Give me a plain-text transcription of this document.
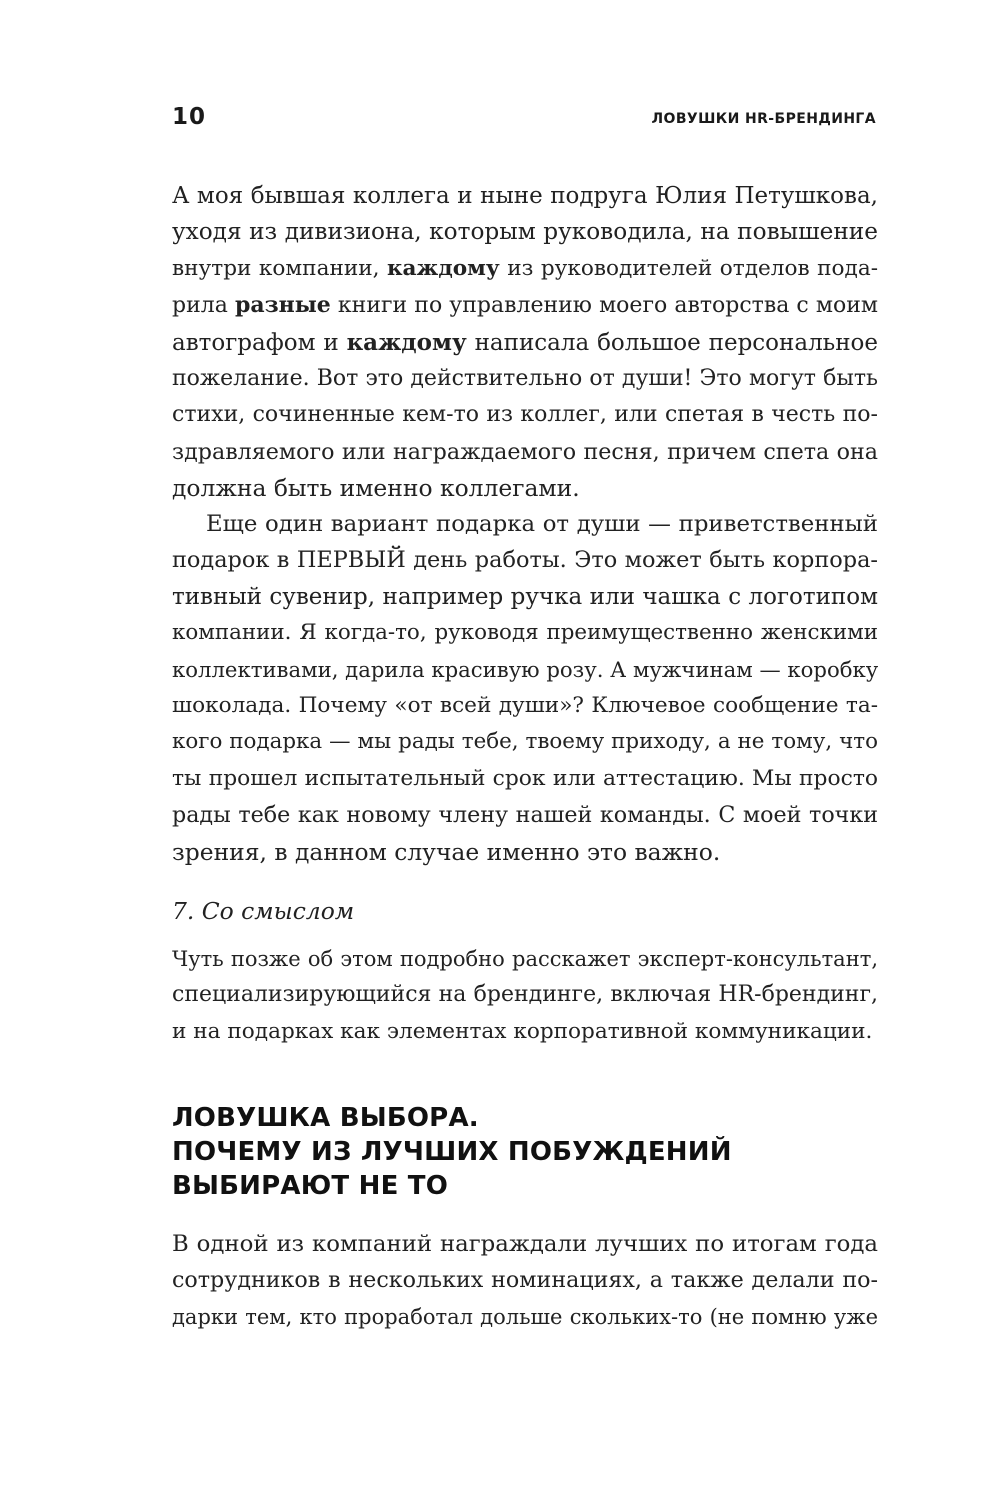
10	ЛОВУШКИ HR-БРЕНДИНГА
А моя бывшая коллега и ныне подруга Юлия Петушкова,
уходя из дивизиона, которым руководила, на повышение
внутри компании, каждому из руководителей отделов пода-
рила разные книги по управлению моего авторства с моим
автографом и каждому написала большое персональное
пожелание. Вот это действительно от души! Это могут быть
стихи, сочиненные кем-то из коллег, или спетая в честь по-
здравляемого или награждаемого песня, причем спета она
должна быть именно коллегами.
Еще один вариант подарка от души — приветственный
подарок в ПЕРВЫЙ день работы. Это может быть корпора-
тивный сувенир, например ручка или чашка с логотипом
компании. Я когда-то, руководя преимущественно женскими
коллективами, дарила красивую розу. А мужчинам — коробку
шоколада. Почему «от всей души»? Ключевое сообщение та-
кого подарка — мы рады тебе, твоему приходу, а не тому, что
ты прошел испытательный срок или аттестацию. Мы просто
рады тебе как новому члену нашей команды. С моей точки
зрения, в данном случае именно это важно.
7. Со смыслом
Чуть позже об этом подробно расскажет эксперт-консультант,
специализирующийся на брендинге, включая HR-брендинг,
и на подарках как элементах корпоративной коммуникации.
ЛОВУШКА ВЫБОРА.
ПОЧЕМУ ИЗ ЛУЧШИХ ПОБУЖДЕНИЙ
ВЫБИРАЮТ НЕ ТО
В одной из компаний награждали лучших по итогам года
сотрудников в нескольких номинациях, а также делали по-
дарки тем, кто проработал дольше скольких-то (не помню уже
